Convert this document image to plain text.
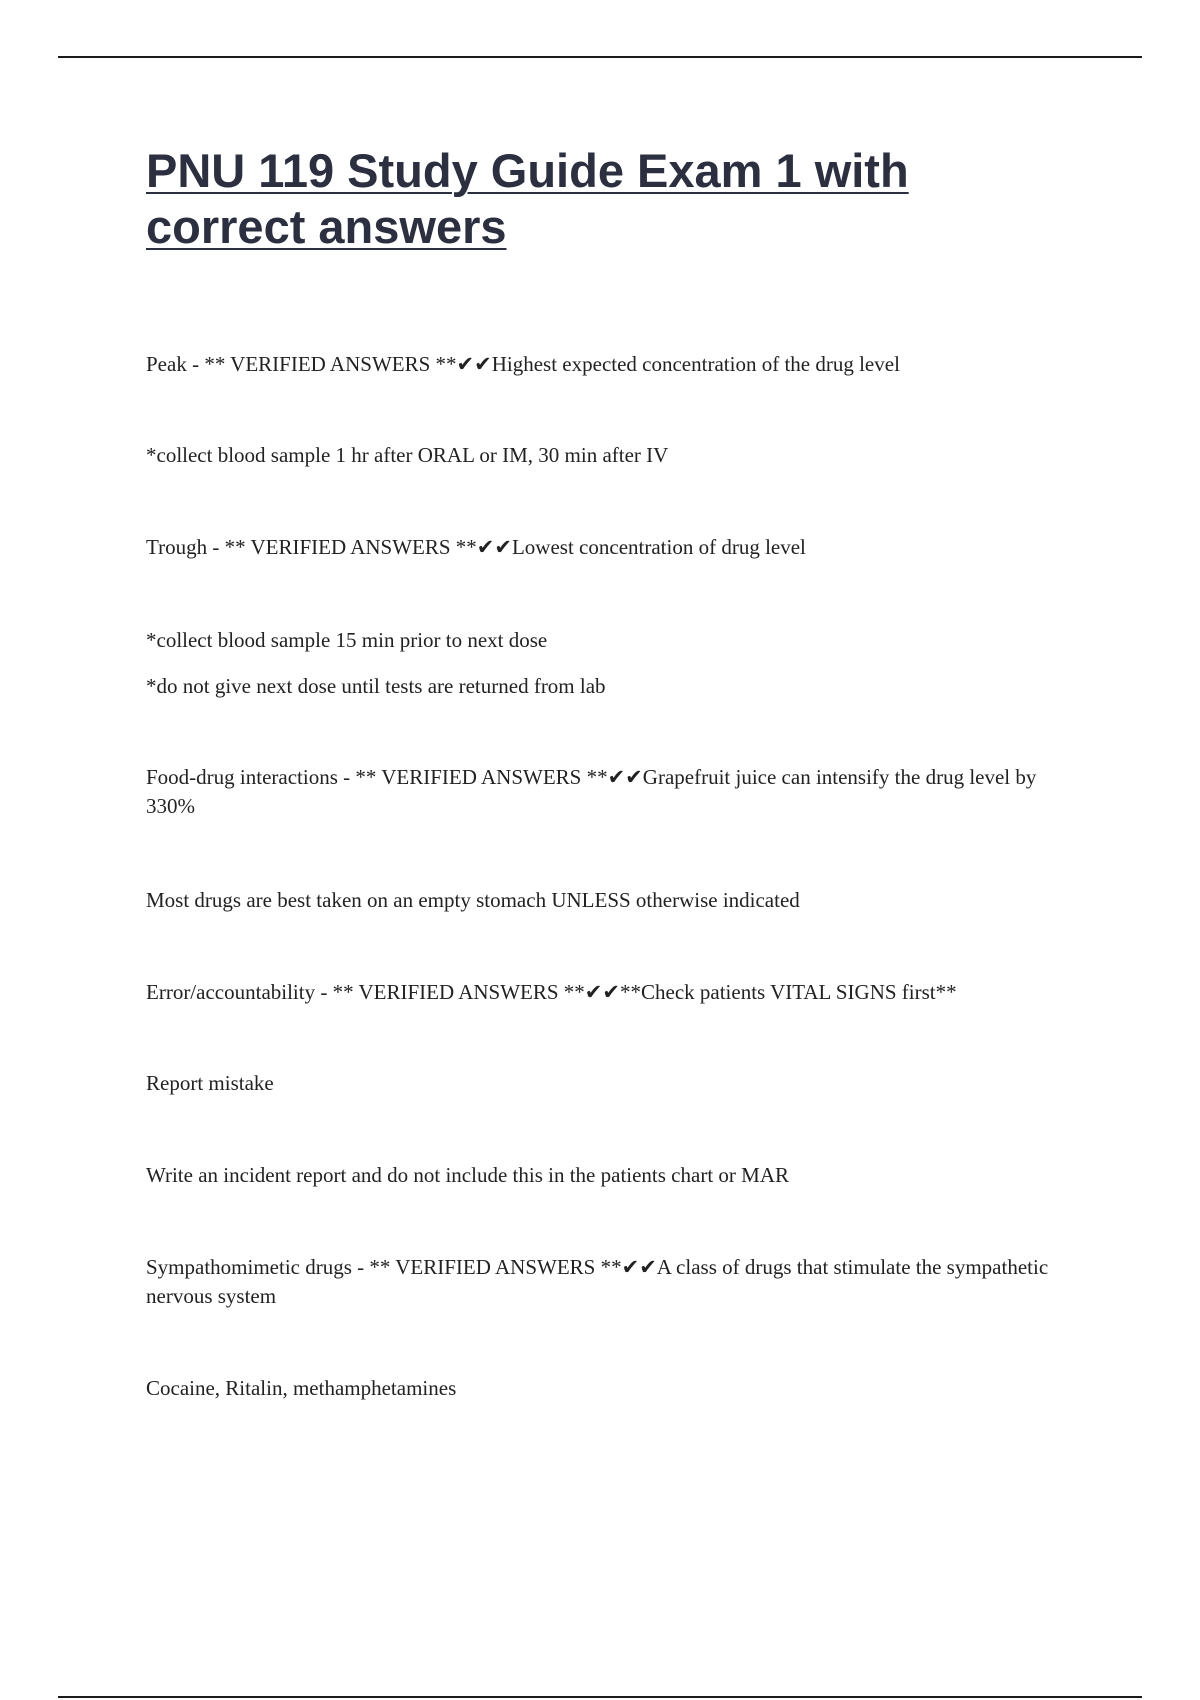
PNU 119 Study Guide Exam 1 with correct answers

Peak - ** VERIFIED ANSWERS **✔✔Highest expected concentration of the drug level

*collect blood sample 1 hr after ORAL or IM, 30 min after IV

Trough - ** VERIFIED ANSWERS **✔✔Lowest concentration of drug level

*collect blood sample 15 min prior to next dose

*do not give next dose until tests are returned from lab

Food-drug interactions - ** VERIFIED ANSWERS **✔✔Grapefruit juice can intensify the drug level by 330%

Most drugs are best taken on an empty stomach UNLESS otherwise indicated

Error/accountability - ** VERIFIED ANSWERS **✔✔**Check patients VITAL SIGNS first**

Report mistake

Write an incident report and do not include this in the patients chart or MAR

Sympathomimetic drugs - ** VERIFIED ANSWERS **✔✔A class of drugs that stimulate the sympathetic nervous system

Cocaine, Ritalin, methamphetamines
